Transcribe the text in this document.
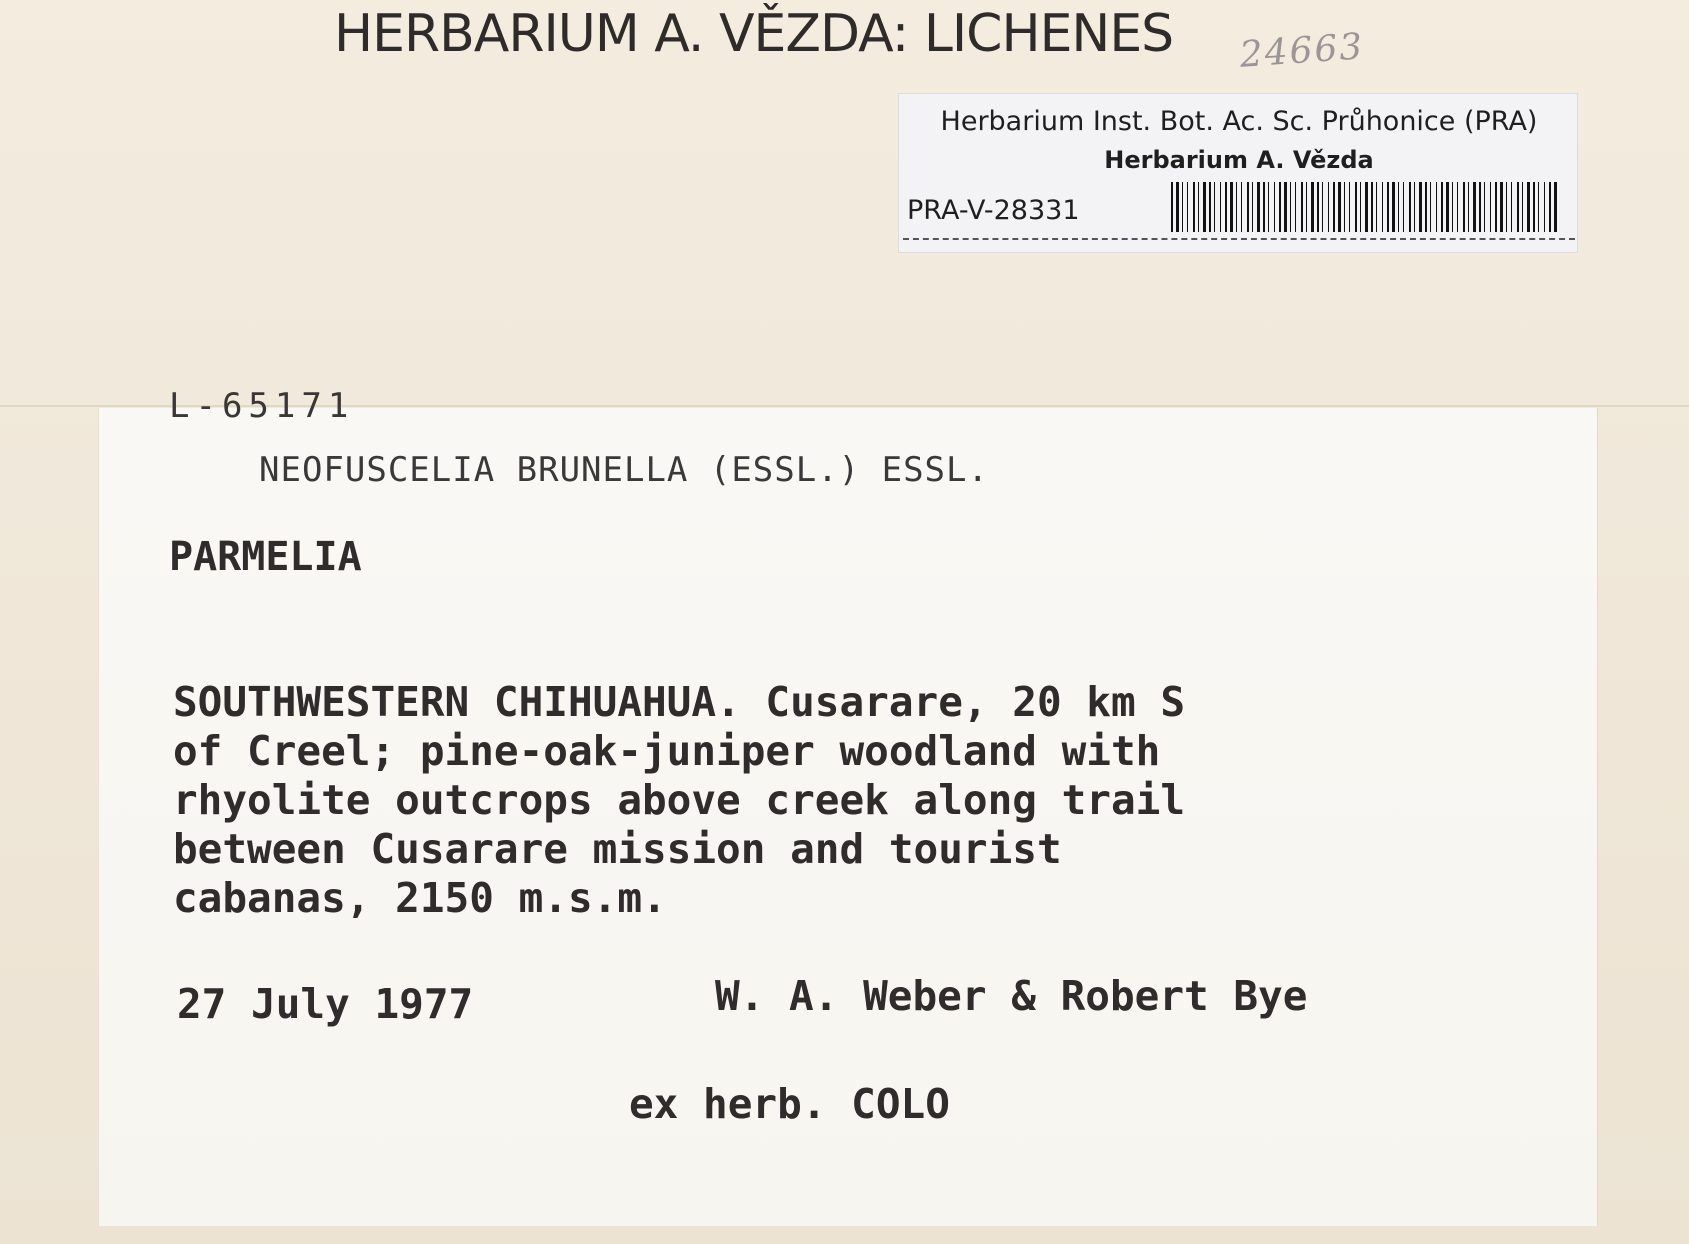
HERBARIUM A. VĚZDA: LICHENES	24663
Herbarium Inst. Bot. Ac. Sc. Průhonice (PRA)
Herbarium A. Vězda
PRA-V-28331
L-65171
NEOFUSCELIA BRUNELLA (ESSL.) ESSL.
PARMELIA
SOUTHWESTERN CHIHUAHUA. Cusarare, 20 km S
of Creel; pine-oak-juniper woodland with
rhyolite outcrops above creek along trail
between Cusarare mission and tourist
cabanas, 2150 m.s.m.
27 July 1977	W. A. Weber & Robert Bye
ex herb. COLO
